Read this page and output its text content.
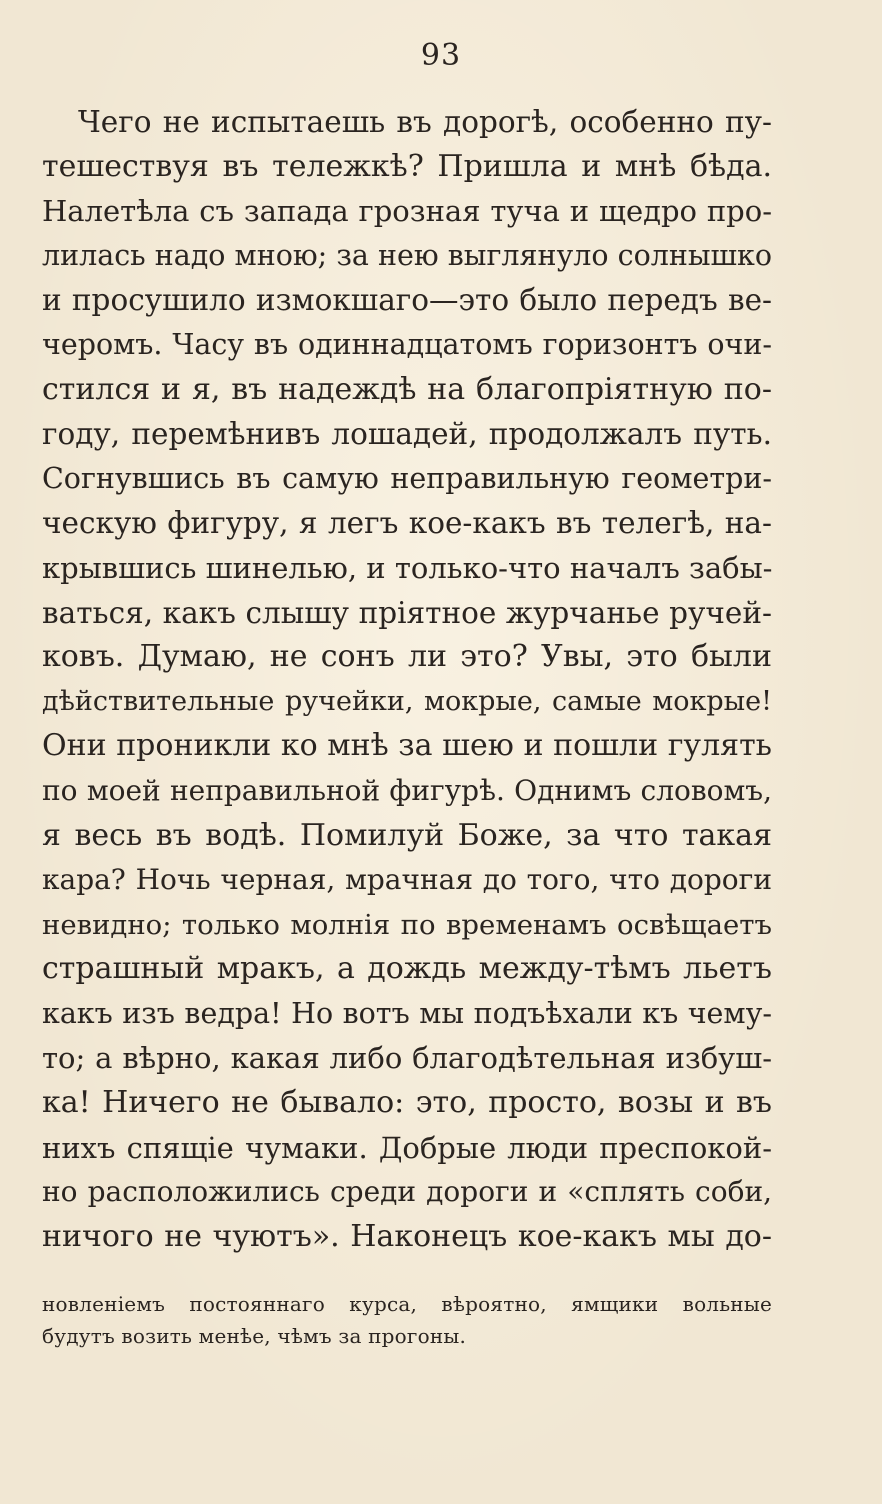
93
Чего не испытаешь въ дорогѣ, особенно пу-
тешествуя въ тележкѣ? Пришла и мнѣ бѣда.
Налетѣла съ запада грозная туча и щедро про-
лилась надо мною; за нею выглянуло солнышко
и просушило измокшаго—это было передъ ве-
черомъ. Часу въ одиннадцатомъ горизонтъ очи-
стился и я, въ надеждѣ на благопріятную по-
году, перемѣнивъ лошадей, продолжалъ путь.
Согнувшись въ самую неправильную геометри-
ческую фигуру, я легъ кое-какъ въ телегѣ, на-
крывшись шинелью, и только-что началъ забы-
ваться, какъ слышу пріятное журчанье ручей-
ковъ. Думаю, не сонъ ли это? Увы, это были
дѣйствительные ручейки, мокрые, самые мокрые!
Они проникли ко мнѣ за шею и пошли гулять
по моей неправильной фигурѣ. Однимъ словомъ,
я весь въ водѣ. Помилуй Боже, за что такая
кара? Ночь черная, мрачная до того, что дороги
невидно; только молнія по временамъ освѣщаетъ
страшный мракъ, а дождь между-тѣмъ льетъ
какъ изъ ведра! Но вотъ мы подъѣхали къ чему-
то; а вѣрно, какая либо благодѣтельная избуш-
ка! Ничего не бывало: это, просто, возы и въ
нихъ спящіе чумаки. Добрые люди преспокой-
но расположились среди дороги и «сплять соби,
ничого не чуютъ». Наконецъ кое-какъ мы до-
новленіемъ постояннаго курса, вѣроятно, ямщики вольные
будутъ возить менѣе, чѣмъ за прогоны.
